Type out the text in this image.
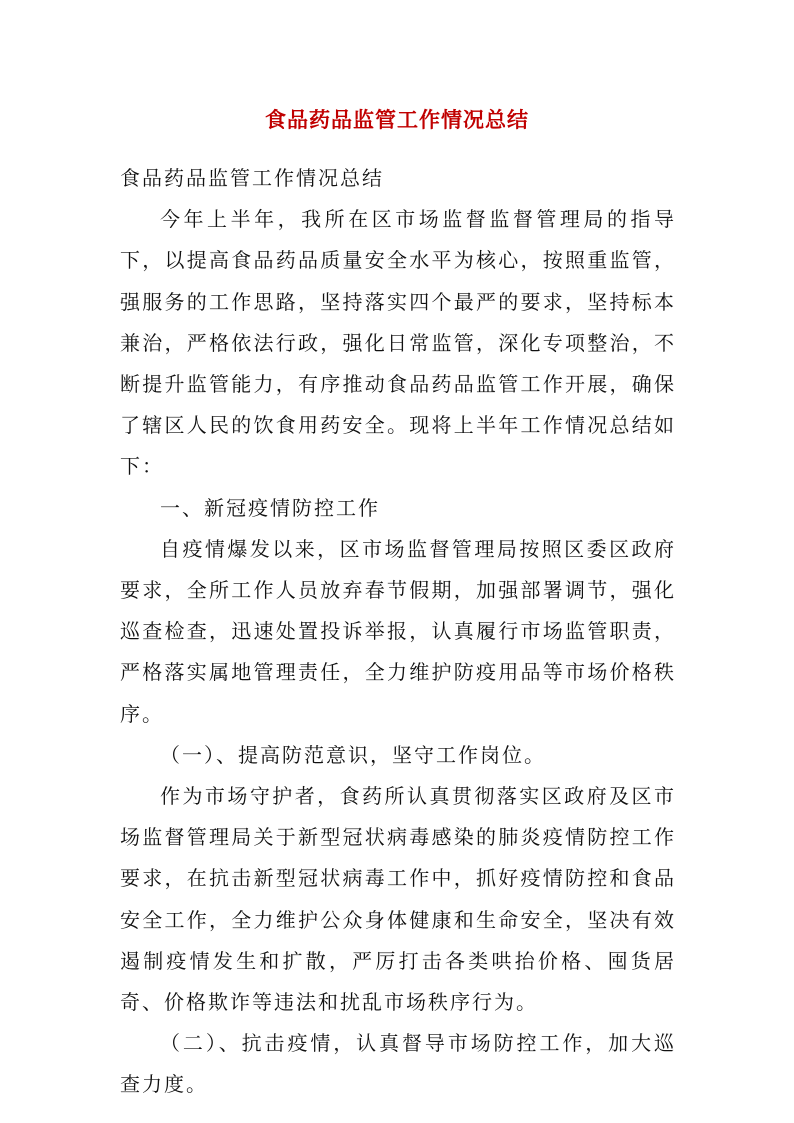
食品药品监管工作情况总结

食品药品监管工作情况总结

今年上半年，我所在区市场监督监督管理局的指导下，以提高食品药品质量安全水平为核心，按照重监管，强服务的工作思路，坚持落实四个最严的要求，坚持标本兼治，严格依法行政，强化日常监管，深化专项整治，不断提升监管能力，有序推动食品药品监管工作开展，确保了辖区人民的饮食用药安全。现将上半年工作情况总结如下：

一、新冠疫情防控工作

自疫情爆发以来，区市场监督管理局按照区委区政府要求，全所工作人员放弃春节假期，加强部署调节，强化巡查检查，迅速处置投诉举报，认真履行市场监管职责，严格落实属地管理责任，全力维护防疫用品等市场价格秩序。

（一）、提高防范意识，坚守工作岗位。

作为市场守护者，食药所认真贯彻落实区政府及区市场监督管理局关于新型冠状病毒感染的肺炎疫情防控工作要求，在抗击新型冠状病毒工作中，抓好疫情防控和食品安全工作，全力维护公众身体健康和生命安全，坚决有效遏制疫情发生和扩散，严厉打击各类哄抬价格、囤货居奇、价格欺诈等违法和扰乱市场秩序行为。

（二）、抗击疫情，认真督导市场防控工作，加大巡查力度。
